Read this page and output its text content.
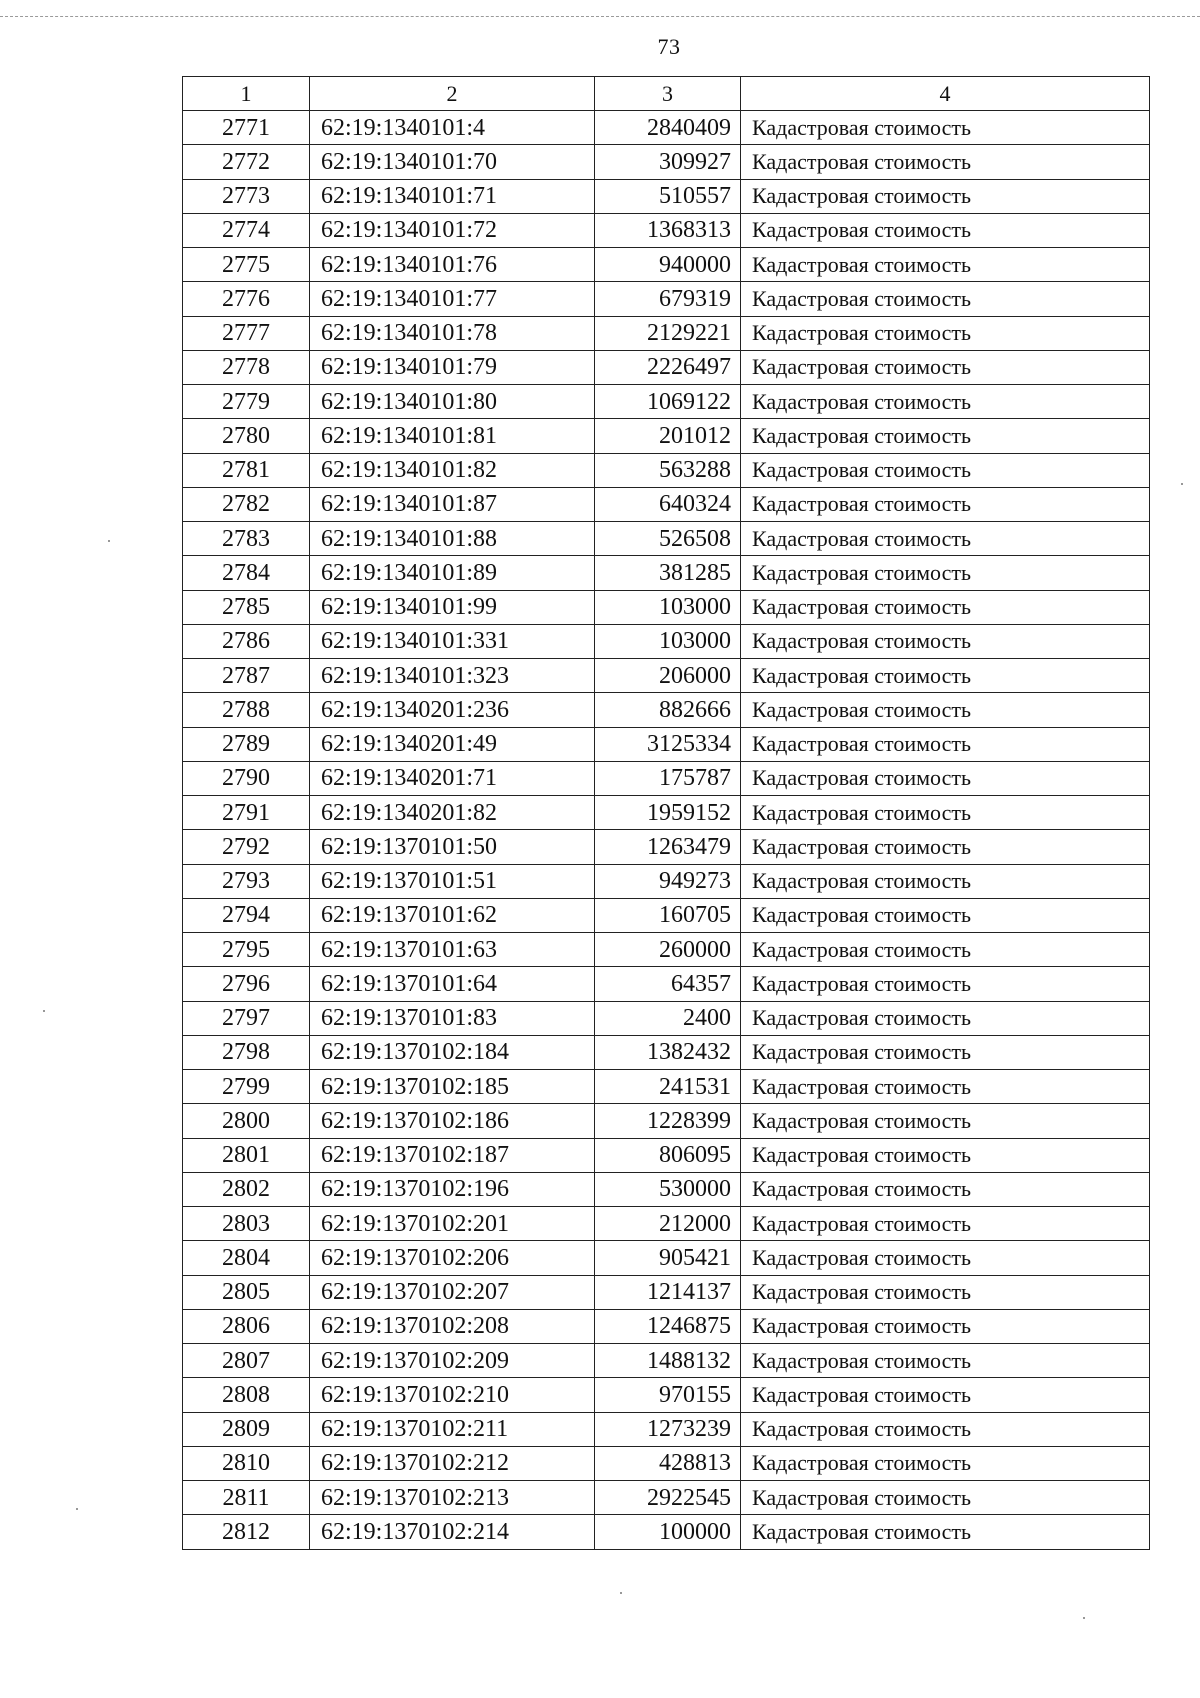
73
1	2	3	4
2771	62:19:1340101:4	2840409	Кадастровая стоимость
2772	62:19:1340101:70	309927	Кадастровая стоимость
2773	62:19:1340101:71	510557	Кадастровая стоимость
2774	62:19:1340101:72	1368313	Кадастровая стоимость
2775	62:19:1340101:76	940000	Кадастровая стоимость
2776	62:19:1340101:77	679319	Кадастровая стоимость
2777	62:19:1340101:78	2129221	Кадастровая стоимость
2778	62:19:1340101:79	2226497	Кадастровая стоимость
2779	62:19:1340101:80	1069122	Кадастровая стоимость
2780	62:19:1340101:81	201012	Кадастровая стоимость
2781	62:19:1340101:82	563288	Кадастровая стоимость
2782	62:19:1340101:87	640324	Кадастровая стоимость
2783	62:19:1340101:88	526508	Кадастровая стоимость
2784	62:19:1340101:89	381285	Кадастровая стоимость
2785	62:19:1340101:99	103000	Кадастровая стоимость
2786	62:19:1340101:331	103000	Кадастровая стоимость
2787	62:19:1340101:323	206000	Кадастровая стоимость
2788	62:19:1340201:236	882666	Кадастровая стоимость
2789	62:19:1340201:49	3125334	Кадастровая стоимость
2790	62:19:1340201:71	175787	Кадастровая стоимость
2791	62:19:1340201:82	1959152	Кадастровая стоимость
2792	62:19:1370101:50	1263479	Кадастровая стоимость
2793	62:19:1370101:51	949273	Кадастровая стоимость
2794	62:19:1370101:62	160705	Кадастровая стоимость
2795	62:19:1370101:63	260000	Кадастровая стоимость
2796	62:19:1370101:64	64357	Кадастровая стоимость
2797	62:19:1370101:83	2400	Кадастровая стоимость
2798	62:19:1370102:184	1382432	Кадастровая стоимость
2799	62:19:1370102:185	241531	Кадастровая стоимость
2800	62:19:1370102:186	1228399	Кадастровая стоимость
2801	62:19:1370102:187	806095	Кадастровая стоимость
2802	62:19:1370102:196	530000	Кадастровая стоимость
2803	62:19:1370102:201	212000	Кадастровая стоимость
2804	62:19:1370102:206	905421	Кадастровая стоимость
2805	62:19:1370102:207	1214137	Кадастровая стоимость
2806	62:19:1370102:208	1246875	Кадастровая стоимость
2807	62:19:1370102:209	1488132	Кадастровая стоимость
2808	62:19:1370102:210	970155	Кадастровая стоимость
2809	62:19:1370102:211	1273239	Кадастровая стоимость
2810	62:19:1370102:212	428813	Кадастровая стоимость
2811	62:19:1370102:213	2922545	Кадастровая стоимость
2812	62:19:1370102:214	100000	Кадастровая стоимость
